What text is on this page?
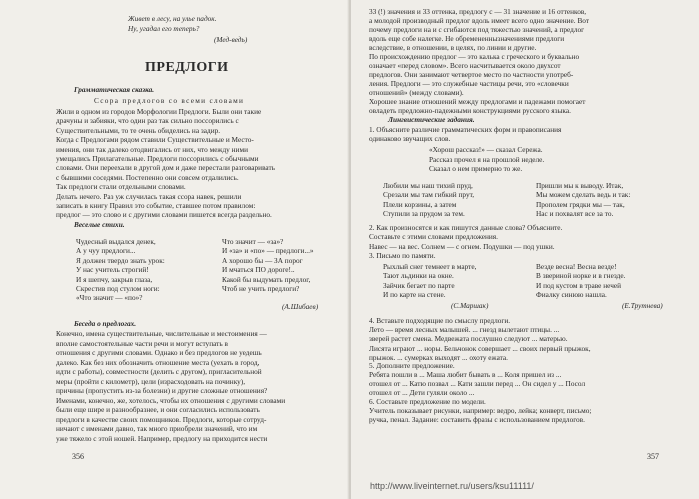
Живет в лесу, на улье падок.
Ну, угадал его теперь?
(Мед-ведь)
ПРЕДЛОГИ
Грамматическая сказка.
Ссора предлогов со всеми словами
Жили в одном из городов Морфологии Предлоги. Были они такие
драчуны и забияки, что один раз так сильно поссорились с
Существительными, то те очень обиделись на задир.
Когда с Предлогами рядом ставили Существительные и Место-
имения, они так далеко отодвигались от них, что между ними
умещались Прилагательные. Предлоги поссорились с обычными
словами. Они переехали в другой дом и даже перестали разговаривать
с бывшими соседями. Постепенно они совсем отдалились.
Так предлоги стали отдельными словами.
Делать нечего. Раз уж случилась такая ссора навек, решили
записать в книгу Правил это событие, ставшее потом правилом:
предлог — это слово и с другими словами пишется всегда раздельно.
Веселые стихи.
Чудесный выдался денек,
А у чуу предлоги...
Я должен твердо знать урок:
У нас учитель строгий!
И я шепчу, закрыв глаза,
Скрестив под стулом ноги:
«Что значит — «по»?
Что значит — «за»?
И «за» и «по» — предлоги...»
А хорошо бы — ЗА порог
И мчаться ПО дороге!..
Какой бы выдумать предлог,
Чтоб не учить предлоги?
(А.Шибаев)
Беседа о предлогах.
Конечно, имена существительные, числительные и местоимения —
вполне самостоятельные части речи и могут вступать в
отношения с другими словами. Однако и без предлогов не уедешь
далеко. Как без них обозначить отношение места (уехать в город,
идти с работы), совместности (делить с другом), пригласительной
меры (пройти с километр), цели (израсходовать на починку),
причины (пропустить из-за болезни) и другие сложные отношения?
Именами, конечно, же, хотелось, чтобы их отношения с другими словами
были еще шире и разнообразнее, и они согласились использовать
предлоги в качестве своих помощников. Предлоги, которые сотруд-
ничают с именами давно, так много приобрели значений, что им
уже тяжело с этой ношей. Например, предлогу на приходится нести
356
33 (!) значения и 33 оттенка, предлогу с — 31 значение и 16 оттенков,
а молодой производный предлог вдоль имеет всего одно значение. Вот
почему предлоги на и с сгибаются под тяжестью значений, а предлог
вдоль еще собе налегке. Не обремененнызначениями предлоги
вследствие, в отношении, в целях, по линии и другие.
По происхождению предлог — это калька с греческого и буквально
означает «перед словом». Всего насчитывается около двухсот
предлогов. Они занимают четвертое место по частности употреб-
ления. Предлоги — это служебные частицы речи, это «словечки
отношений» (между словами).
Хорошее знание отношений между предлогами и падежами помогает
овладеть предложно-падежными конструкциями русского языка.
Лингвистические задания.
1. Объясните различие грамматических форм и правописания
одинаково звучащих слов.
«Хорош рассказ!» — сказал Сережа.
Рассказ прочел я на прошлой неделе.
Сказал о нем примерно то же.
Любили мы наш тихий пруд,
Срезали мы там гибкий прут,
Плели корзины, а затем
Ступили за прудом за тем.
Пришли мы к выводу. Итак,
Мы можем сделать ведь и так:
Прополем грядки мы — так,
Нас и похвалят все за то.
2. Как произносятся и как пишутся данные слова? Объясните.
Составьте с этими словами предложения.
Навес — на вес. Солнем — с огнем. Подушки — под ушки.
3. Письмо по памяти.
Рыхлый снег темнеет в марте,
Тают льдинки на окне.
Зайчик бегает по парте
И по карте на стене.
Везде весна! Весна везде!
В звериной норке и в гнезде.
И под кустом в траве нечей
Фиалку синюю нашла.
(С.Маршак)	(Е.Трутнева)
4. Вставьте подходящие по смыслу предлоги.
Лето — время лесных малышей. ... гнезд вылетают птицы. ...
зверей растет смена. Медвежата послушно следуют ... матерью.
Лисята играют ... норы. Бельчонок совершает ... своих первый прыжок,
прыжок. ... сумерках выходят ... охоту ежата.
5. Дополните предложение.
Ребята пошли в ... Маша любит бывать в ... Коля пришел из ...
отошел от ... Катю позвал ... Кати зашли перед ... Он сидел у ... Посол
отошел от ... Дети гуляли около ...
6. Составьте предложение по модели.
Учитель показывает рисунки, например: ведро, лейка; конверт, письмо;
ручка, пенал. Задание: составить фразы с использованием предлогов.
357
http://www.liveinternet.ru/users/ksu11111/
